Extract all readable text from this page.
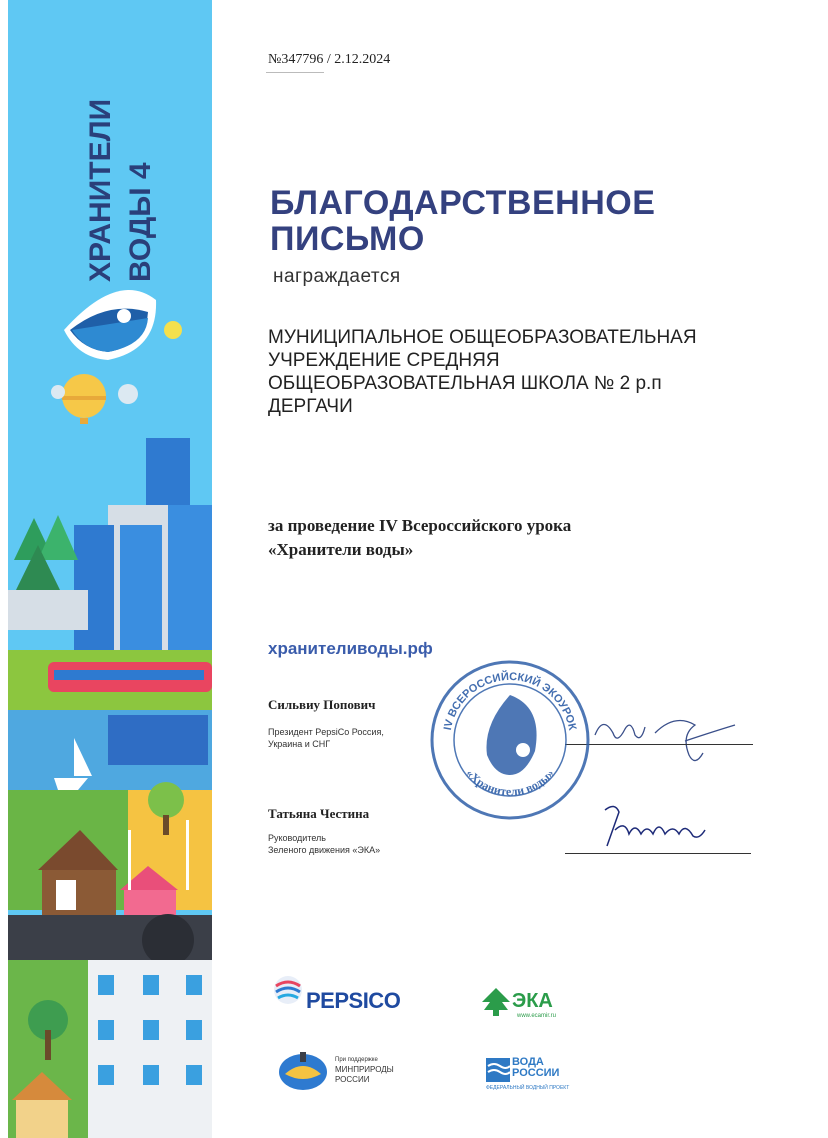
ХРАНИТЕЛИ ВОДЫ 4
№347796 / 2.12.2024
БЛАГОДАРСТВЕННОЕ
ПИСЬМО
награждается
МУНИЦИПАЛЬНОЕ ОБЩЕОБРАЗОВАТЕЛЬНАЯ
УЧРЕЖДЕНИЕ СРЕДНЯЯ
ОБЩЕОБРАЗОВАТЕЛЬНАЯ ШКОЛА № 2 р.п
ДЕРГАЧИ
за проведение IV Всероссийского урока
«Хранители воды»
хранителиводы.рф
Сильвиу Попович
Президент PepsiCo Россия,
Украина и СНГ
Татьяна Честина
Руководитель
Зеленого движения «ЭКА»
IV ВСЕРОССИЙСКИЙ ЭКОУРОК
«Хранители воды»
PEPSICO	ЭКА
www.ecamir.ru
При поддержке
МИНПРИРОДЫ
РОССИИ
ВОДА
РОССИИ
ФЕДЕРАЛЬНЫЙ ВОДНЫЙ ПРОЕКТ
